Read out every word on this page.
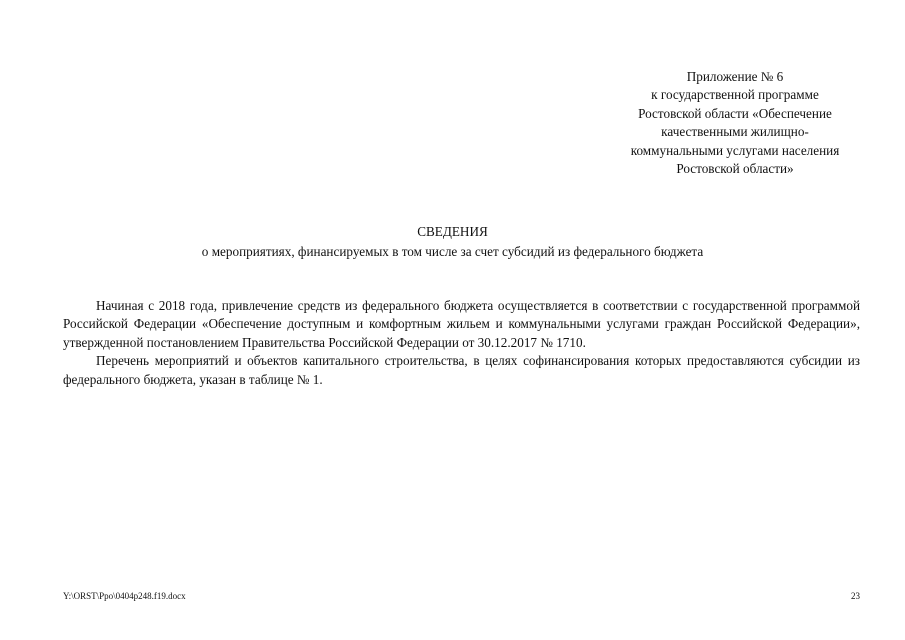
Приложение № 6
к государственной программе
Ростовской области «Обеспечение
качественными жилищно-
коммунальными услугами населения
Ростовской области»
СВЕДЕНИЯ
о мероприятиях, финансируемых в том числе за счет субсидий из федерального бюджета

Начиная с 2018 года, привлечение средств из федерального бюджета осуществляется в соответствии с государственной программой Российской Федерации «Обеспечение доступным и комфортным жильем и коммунальными услугами граждан Российской Федерации», утвержденной постановлением Правительства Российской Федерации от 30.12.2017 № 1710.

Перечень мероприятий и объектов капитального строительства, в целях софинансирования которых предоставляются субсидии из федерального бюджета, указан в таблице № 1.

Y:\ORST\Ppo\0404p248.f19.docx	23
